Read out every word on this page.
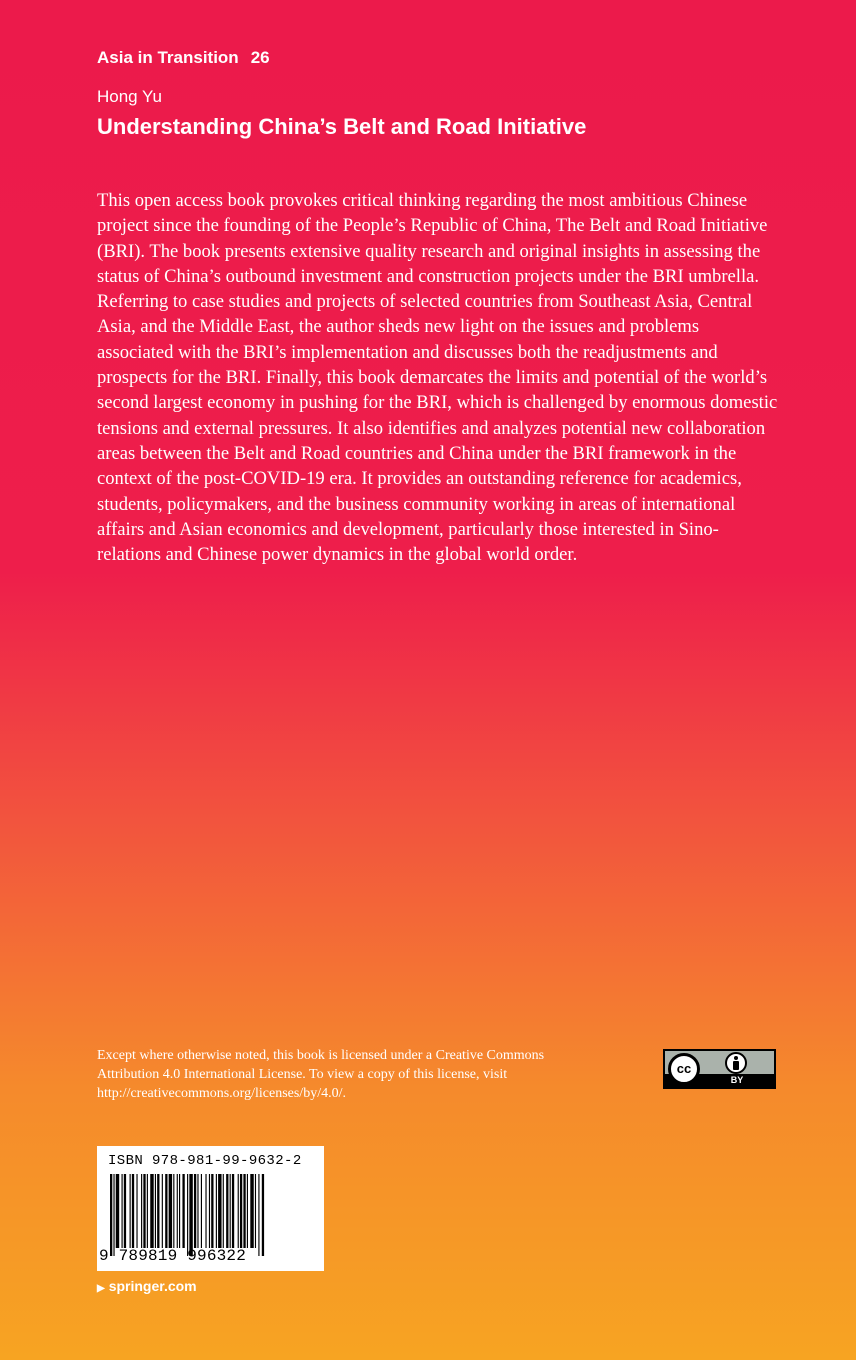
Asia in Transition 26
Hong Yu
Understanding China’s Belt and Road Initiative

This open access book provokes critical thinking regarding the most ambitious Chinese project since the founding of the People’s Republic of China, The Belt and Road Initiative (BRI). The book presents extensive quality research and original insights in assessing the status of China’s outbound investment and construction projects under the BRI umbrella. Referring to case studies and projects of selected countries from Southeast Asia, Central Asia, and the Middle East, the author sheds new light on the issues and problems associated with the BRI’s implementation and discusses both the readjustments and prospects for the BRI. Finally, this book demarcates the limits and potential of the world’s second largest economy in pushing for the BRI, which is challenged by enormous domestic tensions and external pressures. It also identifies and analyzes potential new collaboration areas between the Belt and Road countries and China under the BRI framework in the context of the post-COVID-19 era. It provides an outstanding reference for academics, students, policymakers, and the business community working in areas of international affairs and Asian economics and development, particularly those interested in Sino-relations and Chinese power dynamics in the global world order.

Except where otherwise noted, this book is licensed under a Creative Commons Attribution 4.0 International License. To view a copy of this license, visit http://creativecommons.org/licenses/by/4.0/.

cc
BY
ISBN 978-981-99-9632-2
9 789819 996322
▶ springer.com
